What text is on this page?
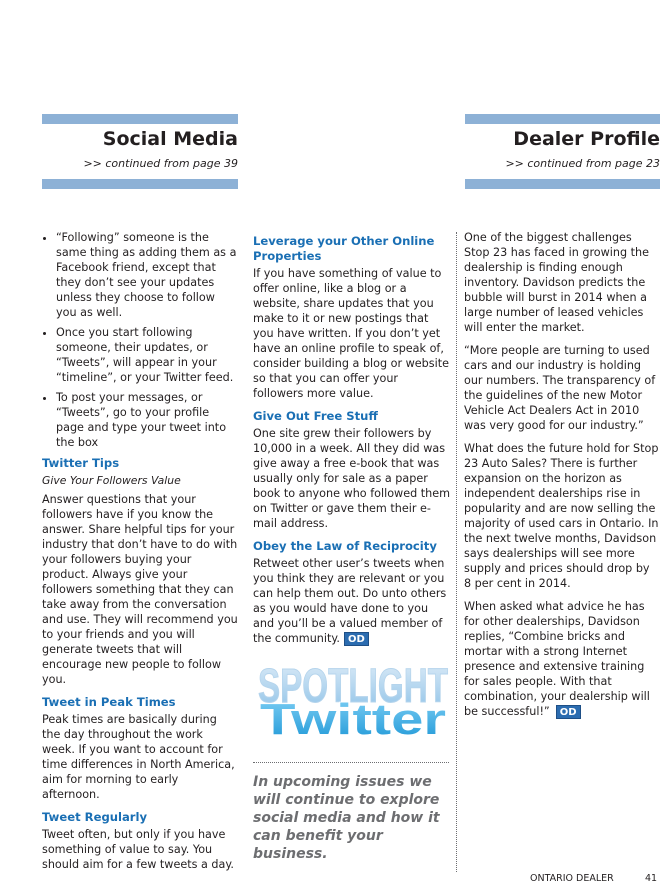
Social Media
>> continued from page 39
Dealer Profile
>> continued from page 23
• “Following” someone is the same thing as adding them as a Facebook friend, except that they don’t see your updates unless they choose to follow you as well.
• Once you start following someone, their updates, or “Tweets”, will appear in your “timeline”, or your Twitter feed.
• To post your messages, or “Tweets”, go to your profile page and type your tweet into the box
Twitter Tips

Give Your Followers Value

Answer questions that your followers have if you know the answer. Share helpful tips for your industry that don’t have to do with your followers buying your product. Always give your followers something that they can take away from the conversation and use. They will recommend you to your friends and you will generate tweets that will encourage new people to follow you.

Tweet in Peak Times

Peak times are basically during the day throughout the work week. If you want to account for time differences in North America, aim for morning to early afternoon.

Tweet Regularly

Tweet often, but only if you have something of value to say. You should aim for a few tweets a day.

Leverage your Other Online Properties

If you have something of value to offer online, like a blog or a website, share updates that you make to it or new postings that you have written. If you don’t yet have an online profile to speak of, consider building a blog or website so that you can offer your followers more value.

Give Out Free Stuff

One site grew their followers by 10,000 in a week. All they did was give away a free e-book that was usually only for sale as a paper book to anyone who followed them on Twitter or gave them their e-mail address.

Obey the Law of Reciprocity

Retweet other user’s tweets when you think they are relevant or you can help them out. Do unto others as you would have done to you and you’ll be a valued member of the community. OD

SPOTLIGHT
Twitter
In upcoming issues we will continue to explore social media and how it can benefit your business.

One of the biggest challenges Stop 23 has faced in growing the dealership is finding enough inventory. Davidson predicts the bubble will burst in 2014 when a large number of leased vehicles will enter the market.

“More people are turning to used cars and our industry is holding our numbers. The transparency of the guidelines of the new Motor Vehicle Act Dealers Act in 2010 was very good for our industry.”

What does the future hold for Stop 23 Auto Sales? There is further expansion on the horizon as independent dealerships rise in popularity and are now selling the majority of used cars in Ontario. In the next twelve months, Davidson says dealerships will see more supply and prices should drop by 8 per cent in 2014.

When asked what advice he has for other dealerships, Davidson replies, “Combine bricks and mortar with a strong Internet presence and extensive training for sales people. With that combination, your dealership will be successful!” OD

ONTARIO DEALER	41
